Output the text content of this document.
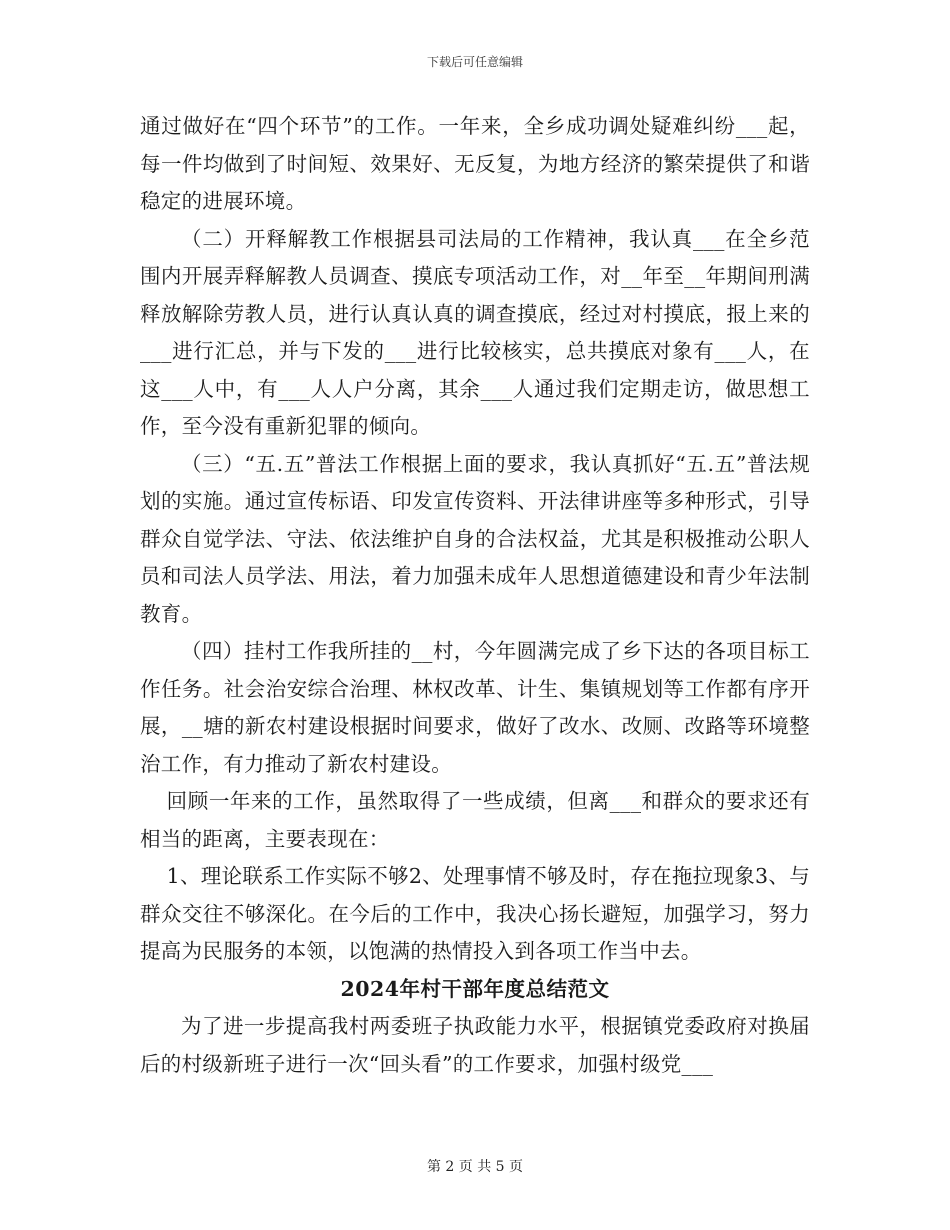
下载后可任意编辑

通过做好在“四个环节”的工作。一年来，全乡成功调处疑难纠纷___起，每一件均做到了时间短、效果好、无反复，为地方经济的繁荣提供了和谐稳定的进展环境。

（二）开释解教工作根据县司法局的工作精神，我认真___在全乡范围内开展弄释解教人员调查、摸底专项活动工作，对__年至__年期间刑满释放解除劳教人员，进行认真认真的调查摸底，经过对村摸底，报上来的___进行汇总，并与下发的___进行比较核实，总共摸底对象有___人，在这___人中，有___人人户分离，其余___人通过我们定期走访，做思想工作，至今没有重新犯罪的倾向。

（三）“五.五”普法工作根据上面的要求，我认真抓好“五.五”普法规划的实施。通过宣传标语、印发宣传资料、开法律讲座等多种形式，引导群众自觉学法、守法、依法维护自身的合法权益，尤其是积极推动公职人员和司法人员学法、用法，着力加强未成年人思想道德建设和青少年法制教育。

（四）挂村工作我所挂的__村，今年圆满完成了乡下达的各项目标工作任务。社会治安综合治理、林权改革、计生、集镇规划等工作都有序开展，__塘的新农村建设根据时间要求，做好了改水、改厕、改路等环境整治工作，有力推动了新农村建设。

回顾一年来的工作，虽然取得了一些成绩，但离___和群众的要求还有相当的距离，主要表现在：

1、理论联系工作实际不够2、处理事情不够及时，存在拖拉现象3、与群众交往不够深化。在今后的工作中，我决心扬长避短，加强学习，努力提高为民服务的本领，以饱满的热情投入到各项工作当中去。

2024年村干部年度总结范文

为了进一步提高我村两委班子执政能力水平，根据镇党委政府对换届后的村级新班子进行一次“回头看”的工作要求，加强村级党___

第 2 页 共 5 页
